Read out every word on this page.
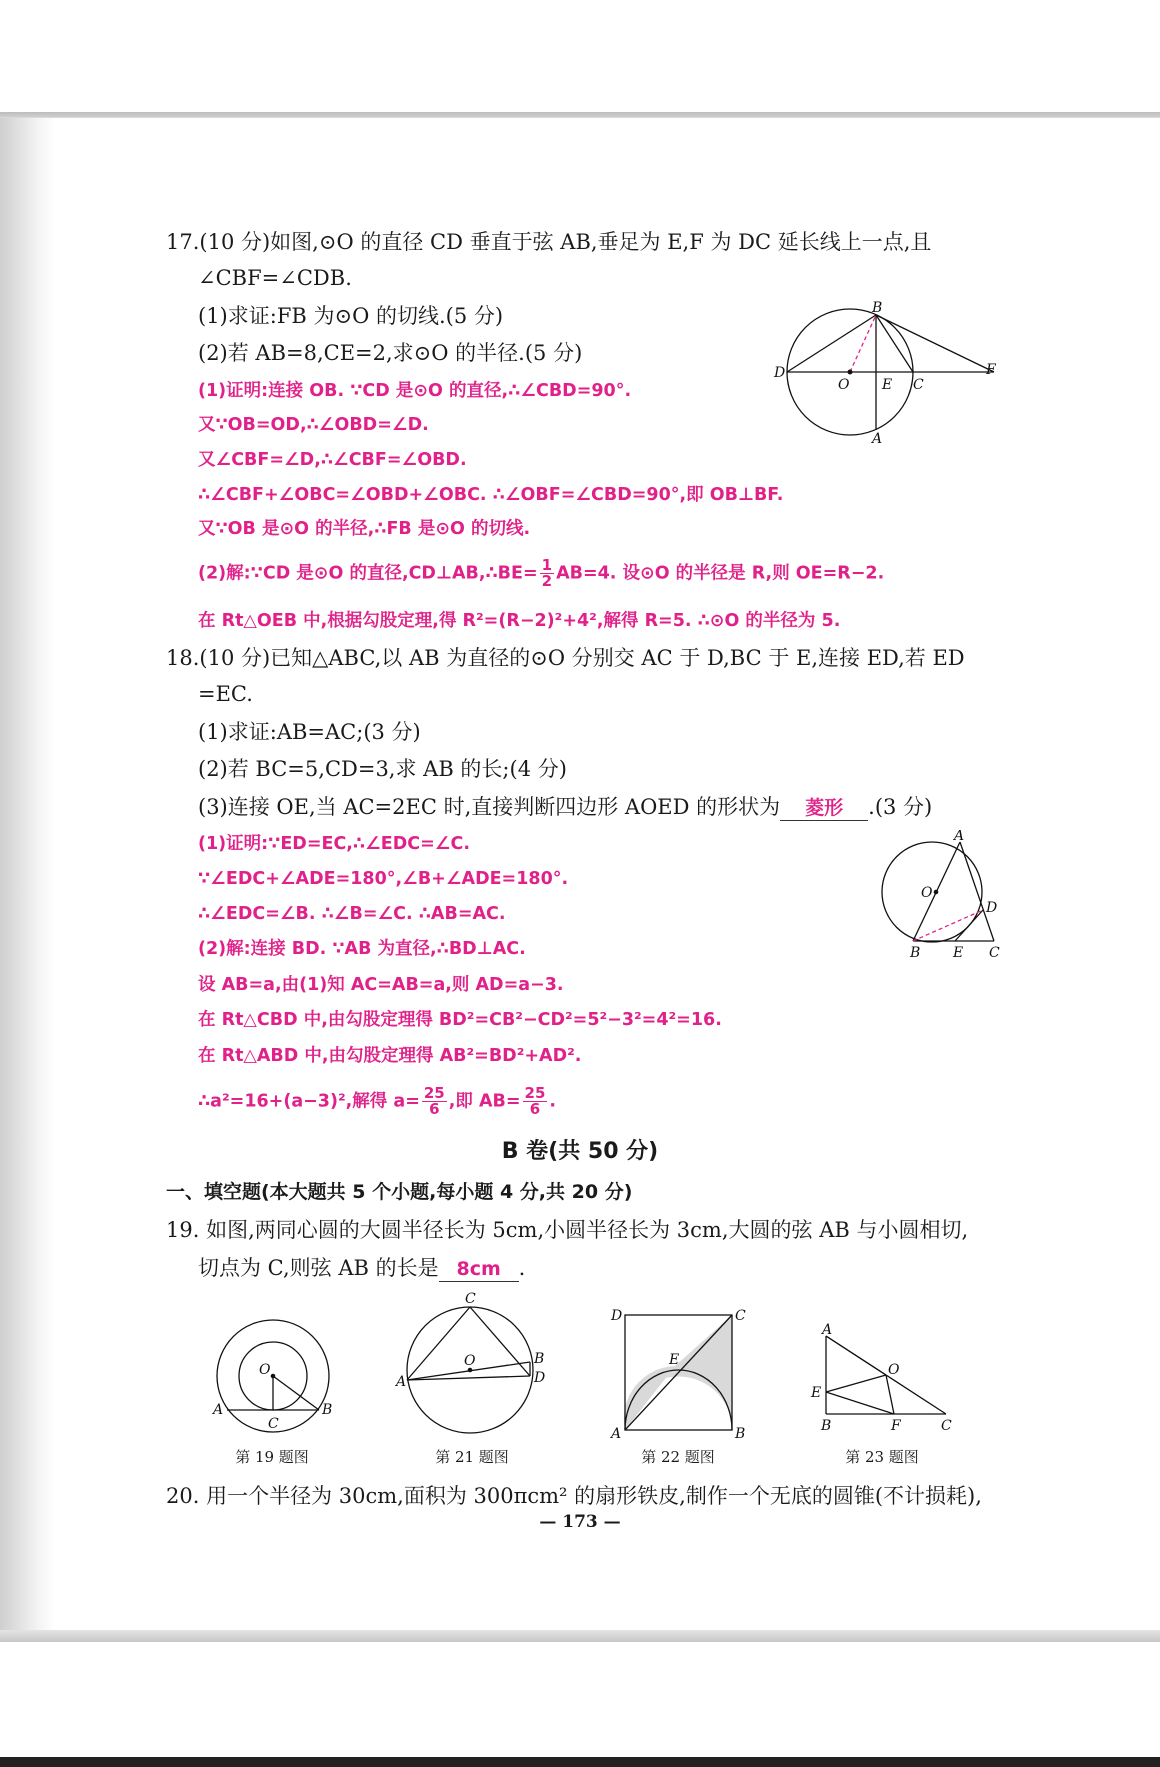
17.(10 分)如图,⊙O 的直径 CD 垂直于弦 AB,垂足为 E,F 为 DC 延长线上一点,且
∠CBF=∠CDB.
(1)求证:FB 为⊙O 的切线.(5 分)
(2)若 AB=8,CE=2,求⊙O 的半径.(5 分)
(1)证明:连接 OB. ∵CD 是⊙O 的直径,∴∠CBD=90°.
又∵OB=OD,∴∠OBD=∠D.
又∠CBF=∠D,∴∠CBF=∠OBD.
∴∠CBF+∠OBC=∠OBD+∠OBC. ∴∠OBF=∠CBD=90°,即 OB⊥BF.
又∵OB 是⊙O 的半径,∴FB 是⊙O 的切线.
(2)解:∵CD 是⊙O 的直径,CD⊥AB,∴BE= $\frac{1}{2} AB=4$. 设⊙O 的半径是 R,则 OE=R−2.
在 Rt△OEB 中,根据勾股定理,得 R²=(R−2)²+4²,解得 R=5. ∴⊙O 的半径为 5.
B
D
O E C
F
A
18.(10 分)已知△ABC,以 AB 为直径的⊙O 分别交 AC 于 D,BC 于 E,连接 ED,若 ED
=EC.
(1)求证:AB=AC;(3 分)
(2)若 BC=5,CD=3,求 AB 的长;(4 分)
(3)连接 OE,当 AC=2EC 时,直接判断四边形 AOED 的形状为 菱形 .(3 分)
(1)证明:∵ED=EC,∴∠EDC=∠C.
∵∠EDC+∠ADE=180°,∠B+∠ADE=180°.
∴∠EDC=∠B. ∴∠B=∠C. ∴AB=AC.
(2)解:连接 BD. ∵AB 为直径,∴BD⊥AC.
设 AB=a,由(1)知 AC=AB=a,则 AD=a−3.
在 Rt△CBD 中,由勾股定理得 BD²=CB²−CD²=5²−3²=4²=16.
在 Rt△ABD 中,由勾股定理得 AB²=BD²+AD².
∴a²=16+(a−3)²,解得 $a= \frac{25}{6}$ ,即 $AB= \frac{25}{6}$ .
A
O
D
B E C
B 卷(共 50 分)
一、填空题(本大题共 5 个小题,每小题 4 分,共 20 分)
19. 如图,两同心圆的大圆半径长为 5cm,小圆半径长为 3cm,大圆的弦 AB 与小圆相切,
切点为 C,则弦 AB 的长是 8cm .
O
A
C
B
第 19 题图
C
O
A
B
D
第 21 题图
D	C
E
A	B
第 22 题图
A
O
E
B	F	C
第 23 题图
20. 用一个半径为 30cm,面积为 300πcm² 的扇形铁皮,制作一个无底的圆锥(不计损耗),
— 173 —
